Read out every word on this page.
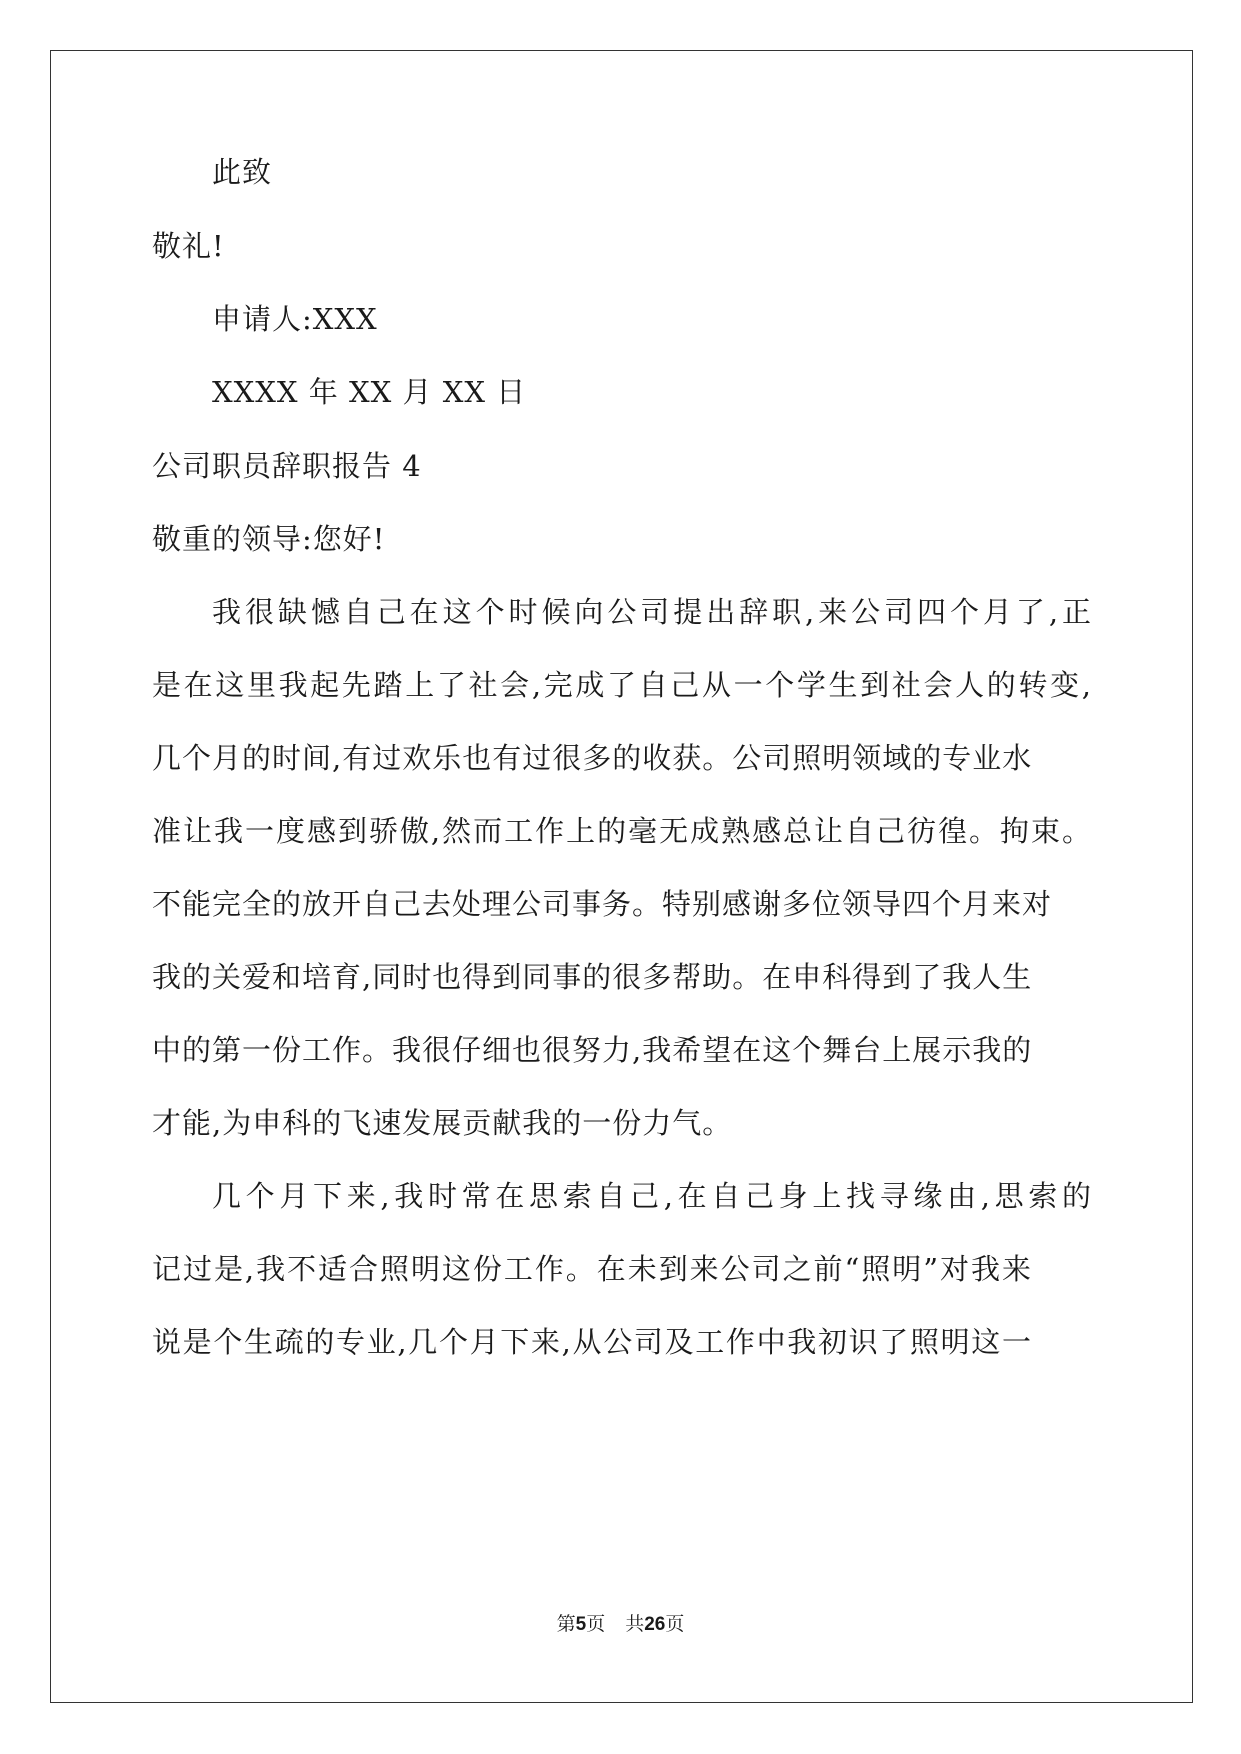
此致
敬礼!
申请人:XXX
XXXX 年 XX 月 XX 日
公司职员辞职报告 4
敬重的领导:您好!
我很缺憾自己在这个时候向公司提出辞职,来公司四个月了,正
是在这里我起先踏上了社会,完成了自己从一个学生到社会人的转变,
几个月的时间,有过欢乐也有过很多的收获。公司照明领域的专业水
准让我一度感到骄傲,然而工作上的毫无成熟感总让自己彷徨。拘束。
不能完全的放开自己去处理公司事务。特别感谢多位领导四个月来对
我的关爱和培育,同时也得到同事的很多帮助。在申科得到了我人生
中的第一份工作。我很仔细也很努力,我希望在这个舞台上展示我的
才能,为申科的飞速发展贡献我的一份力气。
几个月下来,我时常在思索自己,在自己身上找寻缘由,思索的
记过是,我不适合照明这份工作。在未到来公司之前“照明”对我来
说是个生疏的专业,几个月下来,从公司及工作中我初识了照明这一
第5页 共26页
